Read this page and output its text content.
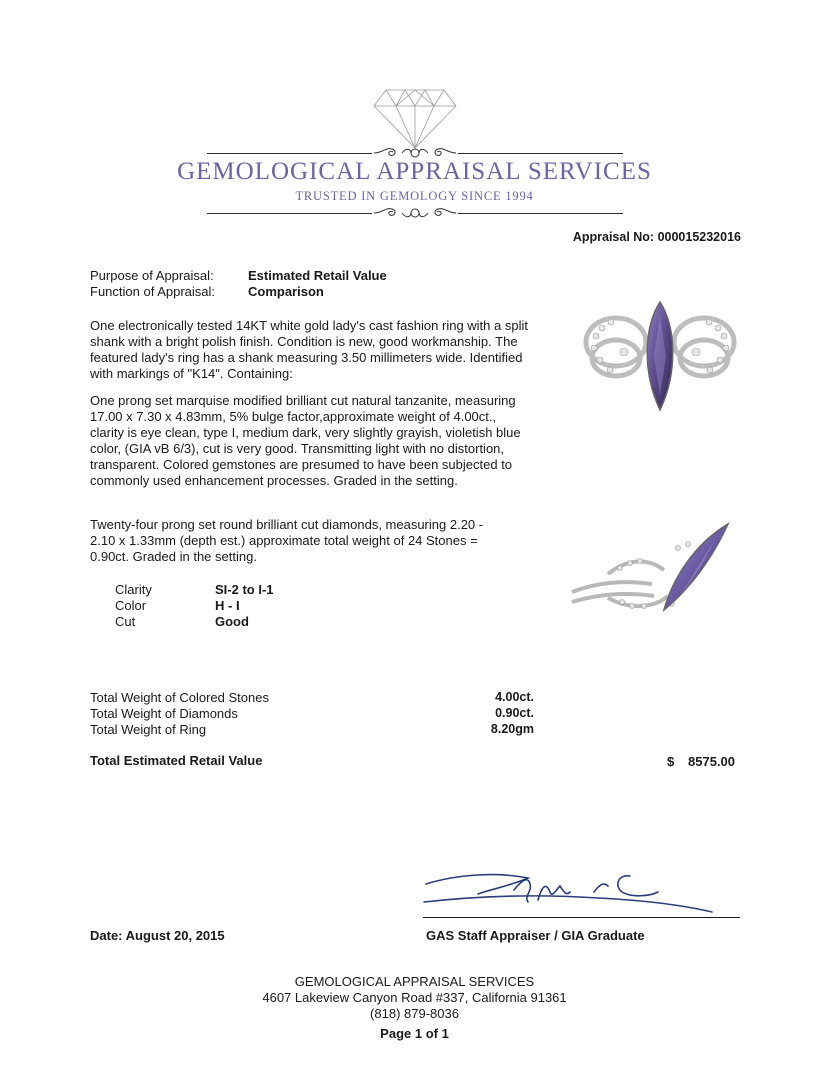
GEMOLOGICAL APPRAISAL SERVICES
TRUSTED IN GEMOLOGY SINCE 1994
Appraisal No: 000015232016
Purpose of Appraisal:	Estimated Retail Value
Function of Appraisal:	Comparison
One electronically tested 14KT white gold lady's cast fashion ring with a split shank with a bright polish finish. Condition is new, good workmanship. The featured lady's ring has a shank measuring 3.50 millimeters wide. Identified with markings of "K14". Containing:
One prong set marquise modified brilliant cut natural tanzanite, measuring 17.00 x 7.30 x 4.83mm, 5% bulge factor,approximate weight of 4.00ct., clarity is eye clean, type I, medium dark, very slightly grayish, violetish blue color, (GIA vB 6/3), cut is very good. Transmitting light with no distortion, transparent. Colored gemstones are presumed to have been subjected to commonly used enhancement processes. Graded in the setting.
Twenty-four prong set round brilliant cut diamonds, measuring 2.20 - 2.10 x 1.33mm (depth est.) approximate total weight of 24 Stones = 0.90ct. Graded in the setting.
Clarity	SI-2 to I-1
Color	H - I
Cut	Good
Total Weight of Colored Stones	4.00ct.
Total Weight of Diamonds	0.90ct.
Total Weight of Ring	8.20gm
Total Estimated Retail Value	$ 8575.00
Date: August 20, 2015	GAS Staff Appraiser / GIA Graduate
GEMOLOGICAL APPRAISAL SERVICES
4607 Lakeview Canyon Road #337, California 91361
(818) 879-8036
Page 1 of 1
